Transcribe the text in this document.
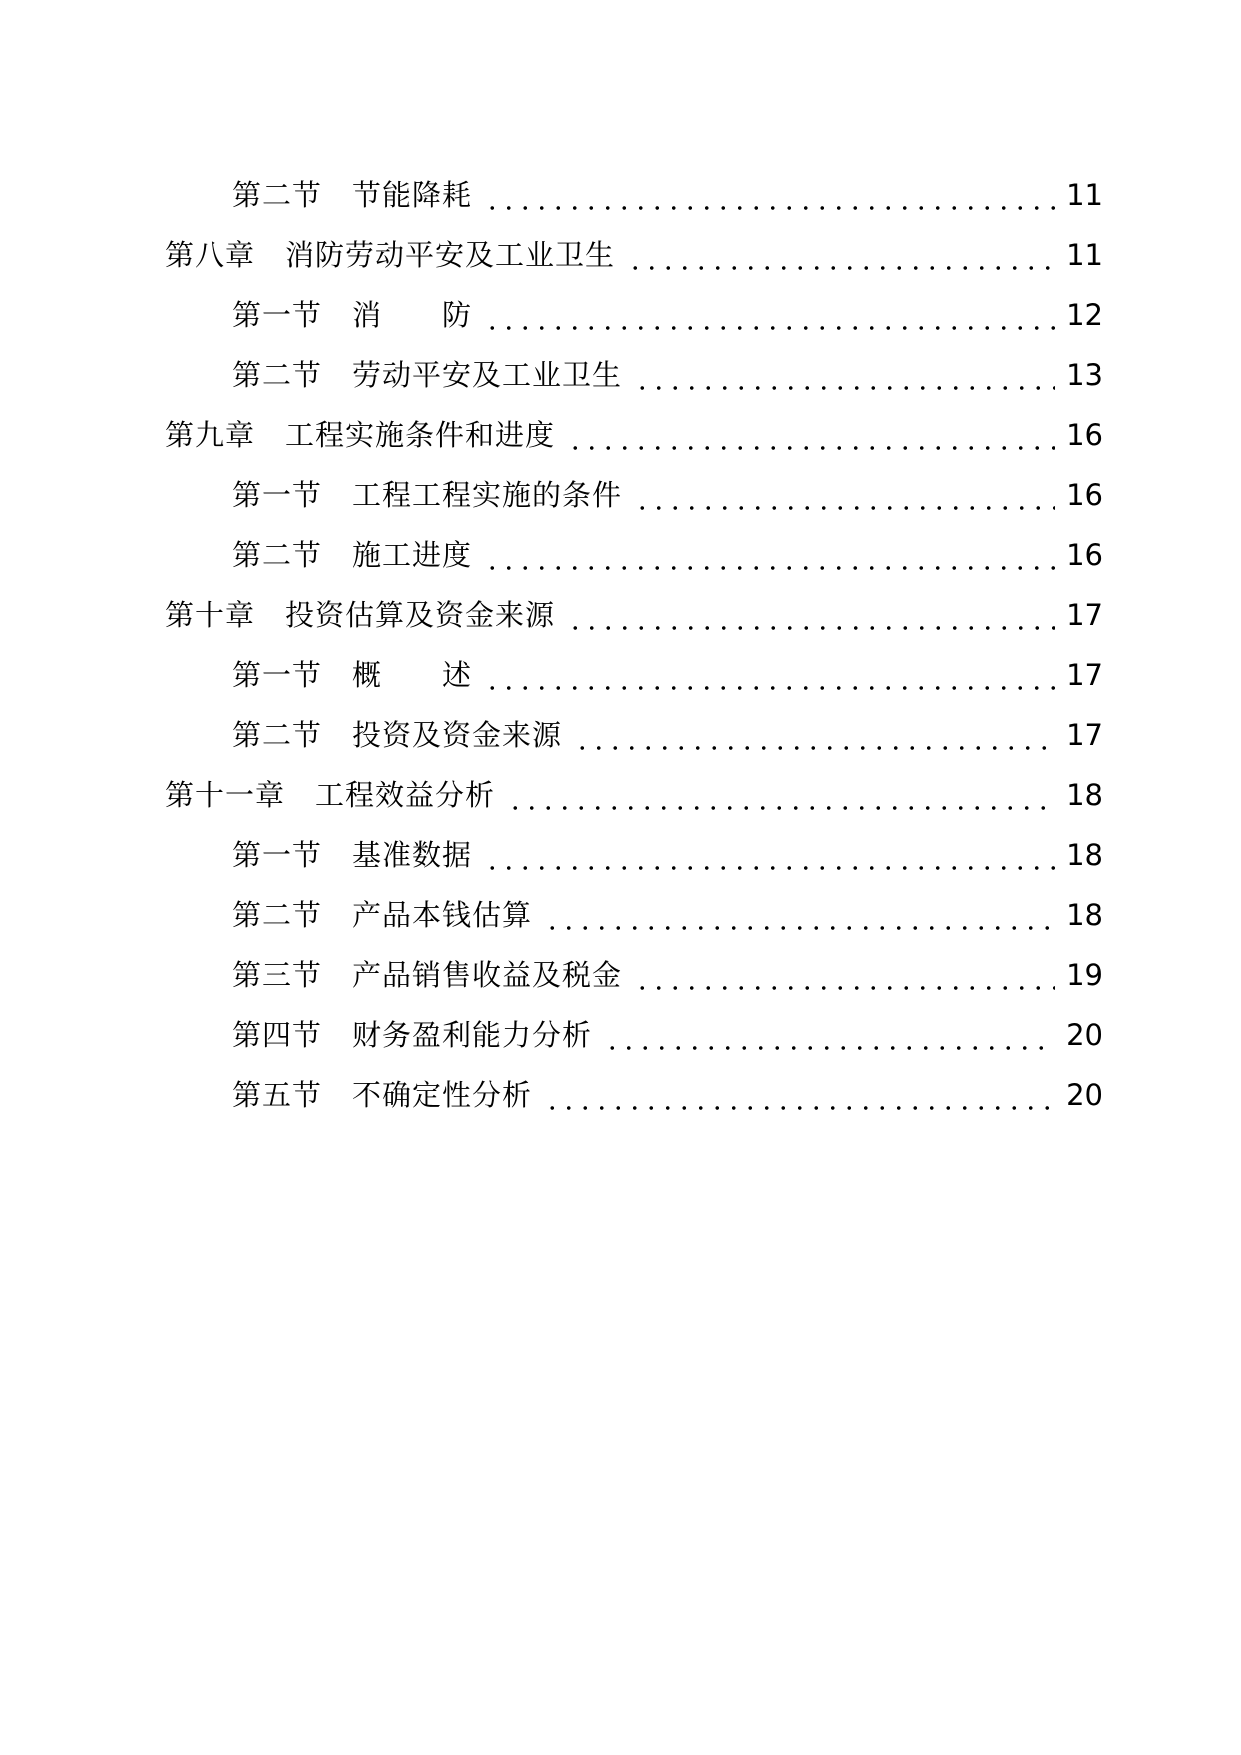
第二节　节能降耗	11
第八章　消防劳动平安及工业卫生	11
第一节　消　　防	12
第二节　劳动平安及工业卫生	13
第九章　工程实施条件和进度	16
第一节　工程工程实施的条件	16
第二节　施工进度	16
第十章　投资估算及资金来源	17
第一节　概　　述	17
第二节　投资及资金来源	17
第十一章　工程效益分析	18
第一节　基准数据	18
第二节　产品本钱估算	18
第三节　产品销售收益及税金	19
第四节　财务盈利能力分析	20
第五节　不确定性分析	20
